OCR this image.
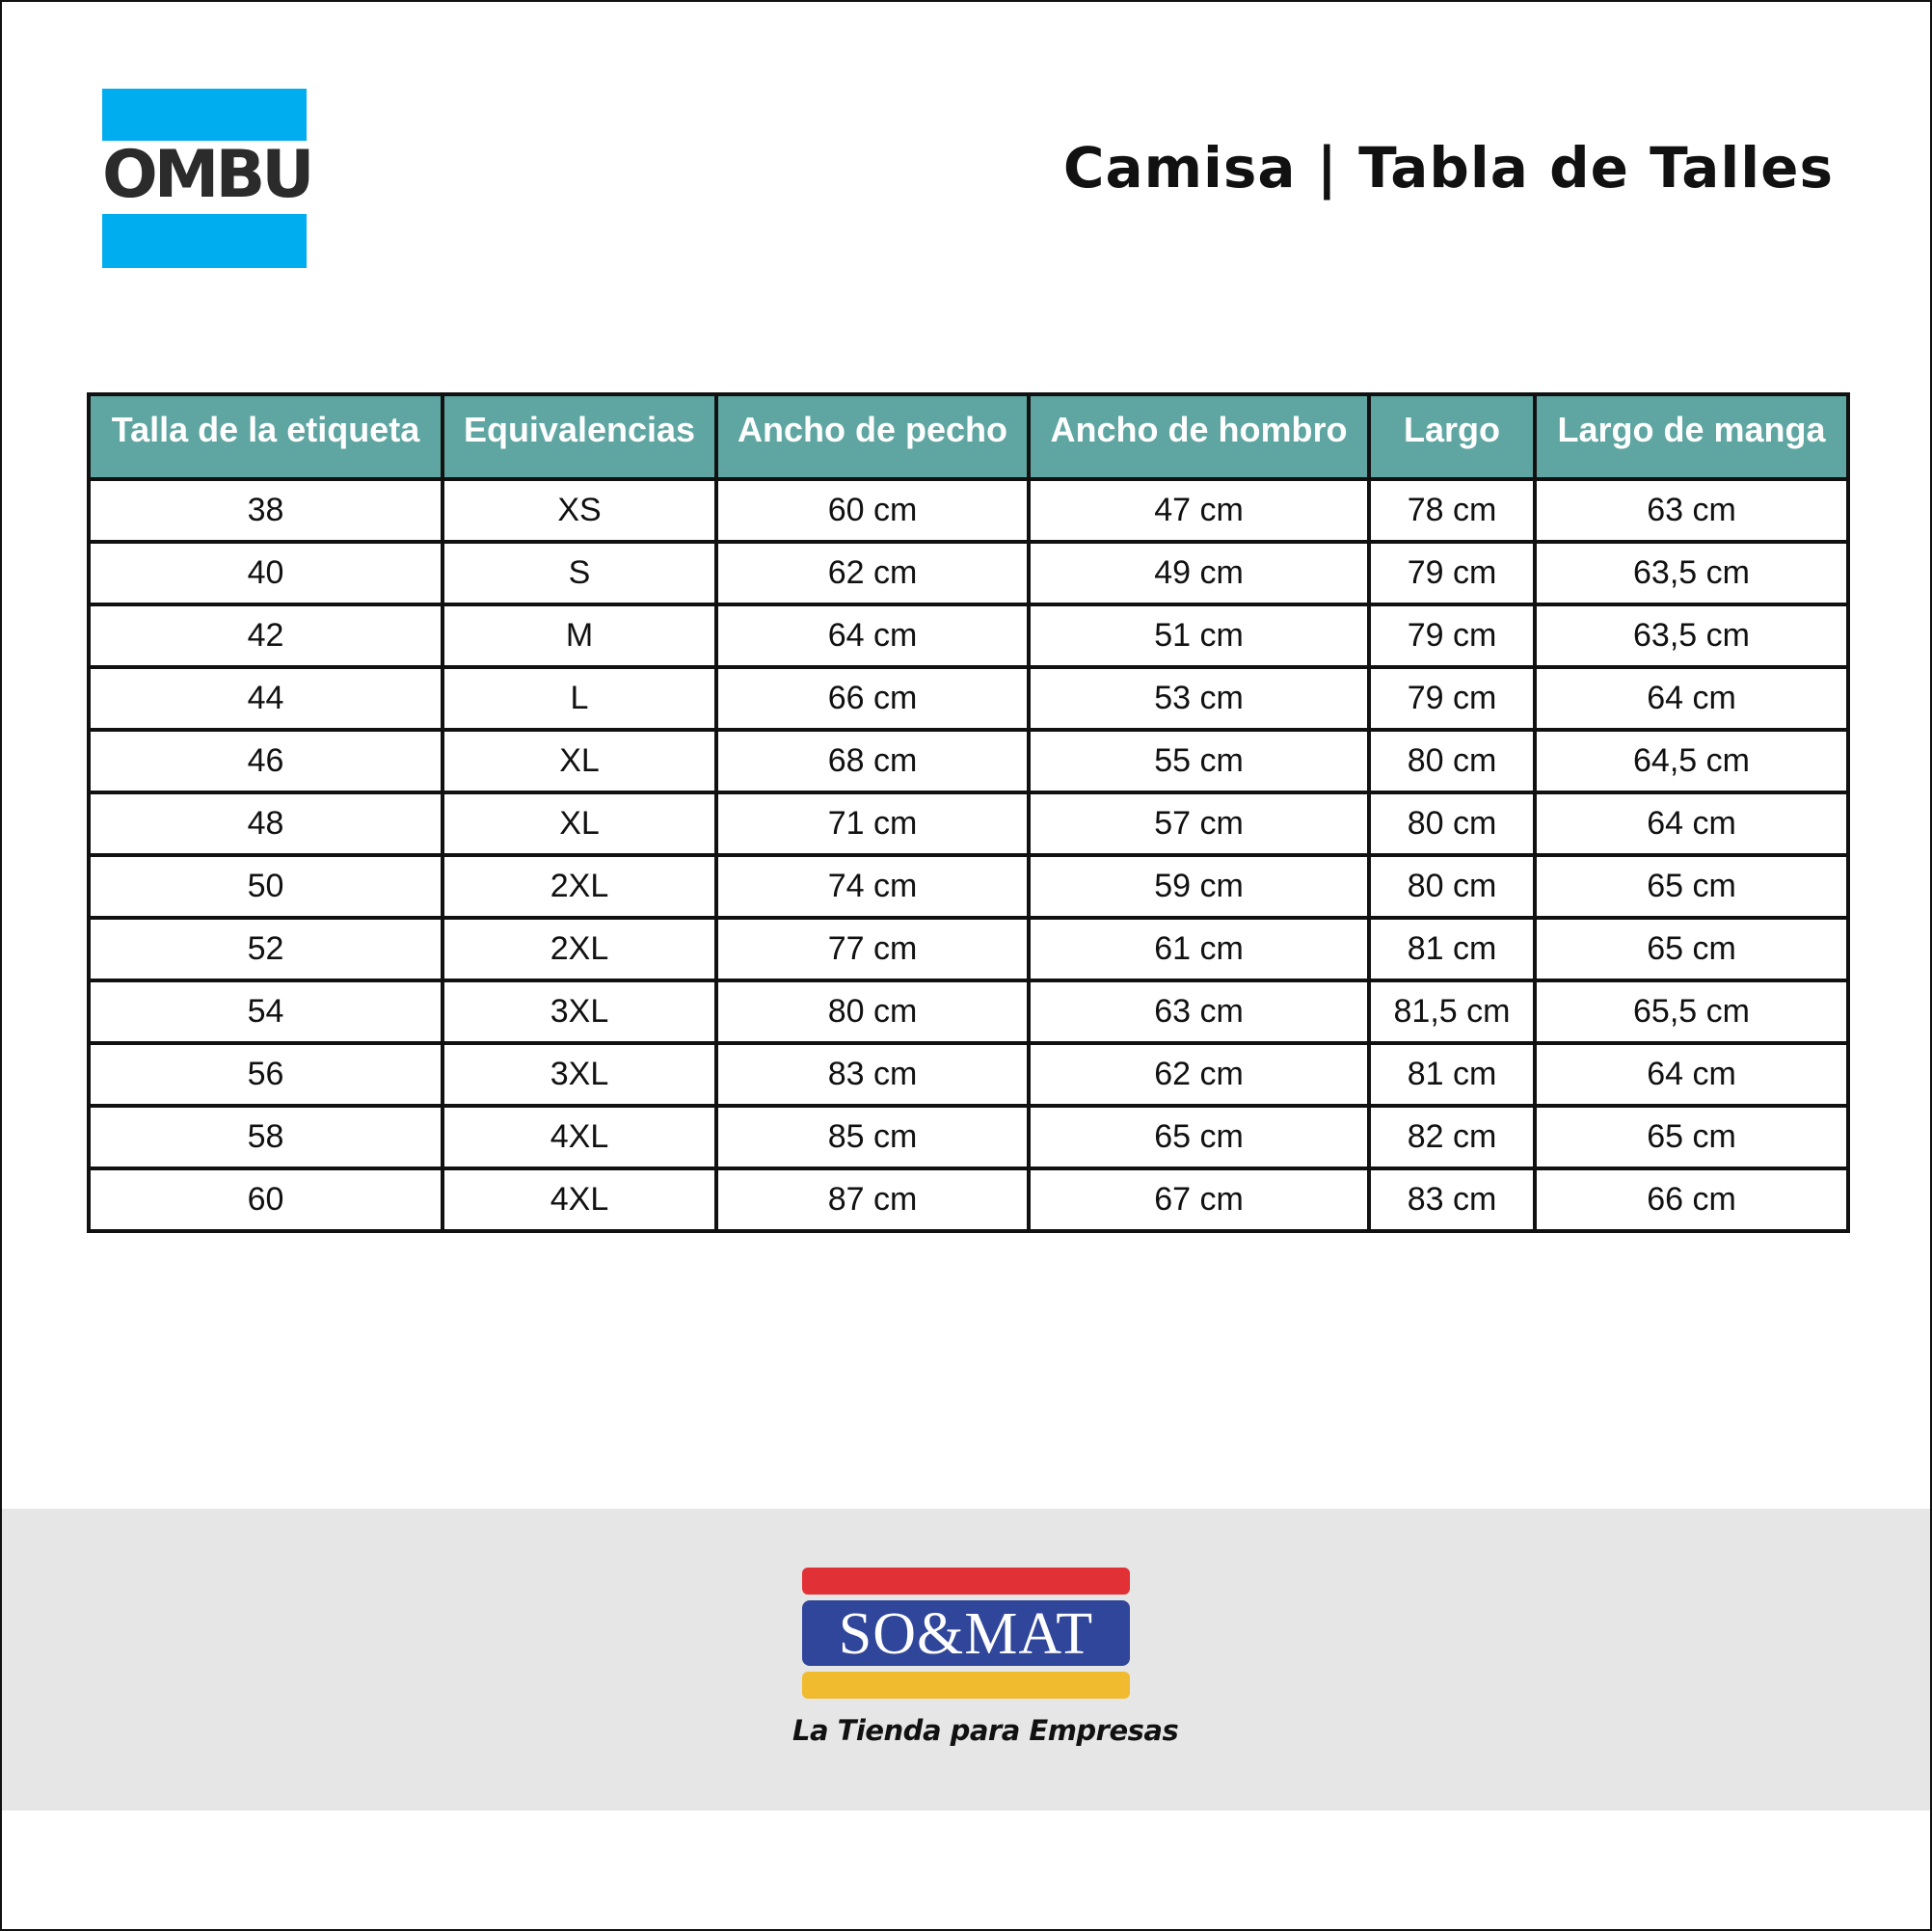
OMBU	Camisa | Tabla de Talles
Talla de la etiqueta	Equivalencias	Ancho de pecho	Ancho de hombro	Largo	Largo de manga
38	XS	60 cm	47 cm	78 cm	63 cm
40	S	62 cm	49 cm	79 cm	63,5 cm
42	M	64 cm	51 cm	79 cm	63,5 cm
44	L	66 cm	53 cm	79 cm	64 cm
46	XL	68 cm	55 cm	80 cm	64,5 cm
48	XL	71 cm	57 cm	80 cm	64 cm
50	2XL	74 cm	59 cm	80 cm	65 cm
52	2XL	77 cm	61 cm	81 cm	65 cm
54	3XL	80 cm	63 cm	81,5 cm	65,5 cm
56	3XL	83 cm	62 cm	81 cm	64 cm
58	4XL	85 cm	65 cm	82 cm	65 cm
60	4XL	87 cm	67 cm	83 cm	66 cm
SO&MAT
La Tienda para Empresas
